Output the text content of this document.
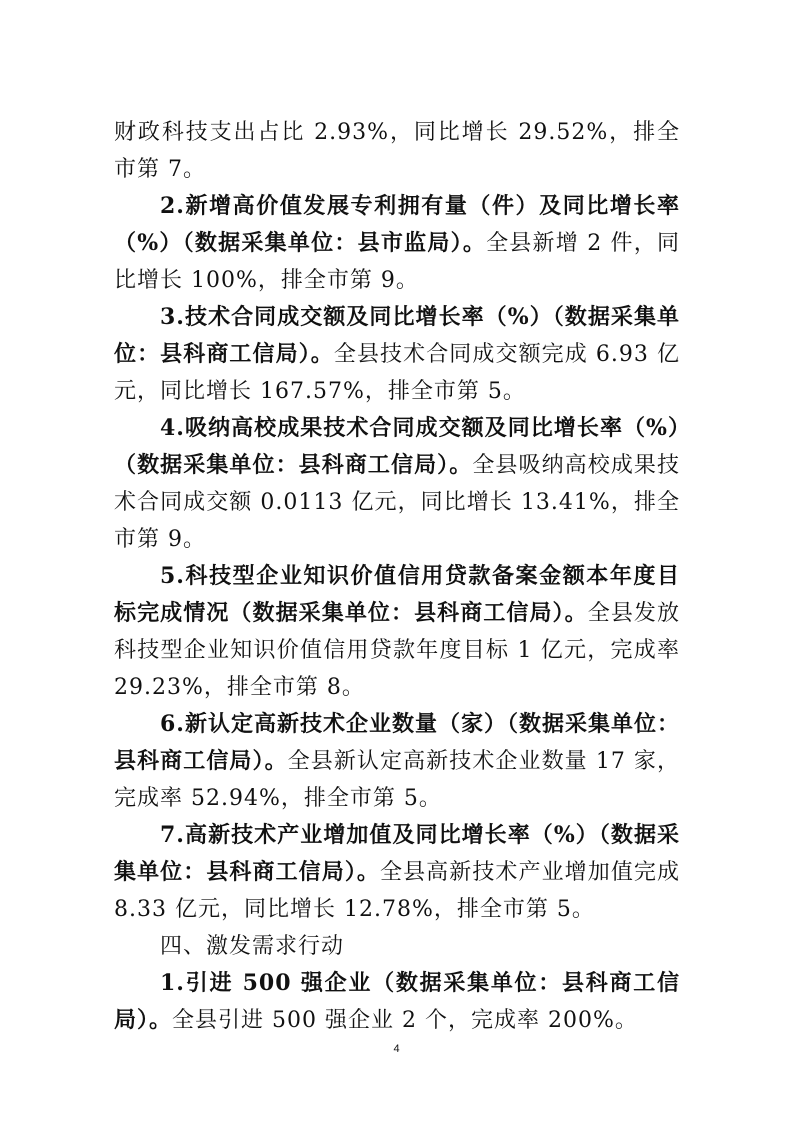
财政科技支出占比 2.93%，同比增长 29.52%，排全市第 7。

2.新增高价值发展专利拥有量（件）及同比增长率（%）（数据采集单位：县市监局）。全县新增 2 件，同比增长 100%，排全市第 9。

3.技术合同成交额及同比增长率（%）（数据采集单位：县科商工信局）。全县技术合同成交额完成 6.93 亿元，同比增长 167.57%，排全市第 5。

4.吸纳高校成果技术合同成交额及同比增长率（%）（数据采集单位：县科商工信局）。全县吸纳高校成果技术合同成交额 0.0113 亿元，同比增长 13.41%，排全市第 9。

5.科技型企业知识价值信用贷款备案金额本年度目标完成情况（数据采集单位：县科商工信局）。全县发放科技型企业知识价值信用贷款年度目标 1 亿元，完成率 29.23%，排全市第 8。

6.新认定高新技术企业数量（家）（数据采集单位：县科商工信局）。全县新认定高新技术企业数量 17 家，完成率 52.94%，排全市第 5。

7.高新技术产业增加值及同比增长率（%）（数据采集单位：县科商工信局）。全县高新技术产业增加值完成 8.33 亿元，同比增长 12.78%，排全市第 5。

四、激发需求行动

1.引进 500 强企业（数据采集单位：县科商工信局）。全县引进 500 强企业 2 个，完成率 200%。

4
